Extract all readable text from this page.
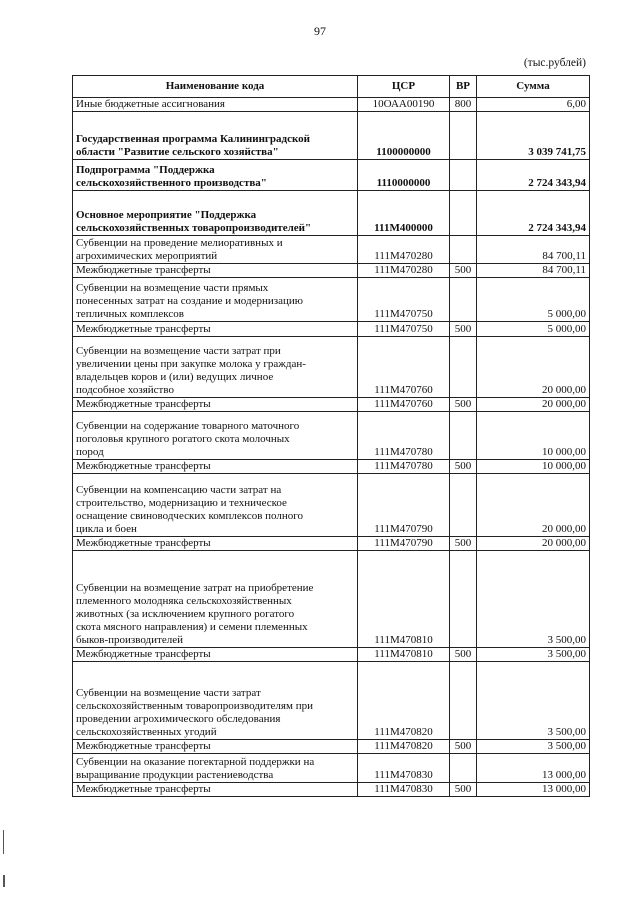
97
(тыс.рублей)
Наименование кода	ЦСР	ВР	Сумма
Иные бюджетные ассигнования	10ОАА00190	800	6,00
Государственная программа Калининградской
области "Развитие сельского хозяйства"	1100000000		3 039 741,75
Подпрограмма "Поддержка
сельскохозяйственного производства"	1110000000		2 724 343,94
Основное мероприятие "Поддержка
сельскохозяйственных товаропроизводителей"	111М400000		2 724 343,94
Субвенции на проведение мелиоративных и
агрохимических мероприятий	111М470280		84 700,11
Межбюджетные трансферты	111М470280	500	84 700,11
Субвенции на возмещение части прямых
понесенных затрат на создание и модернизацию
тепличных комплексов	111М470750		5 000,00
Межбюджетные трансферты	111М470750	500	5 000,00
Субвенции на возмещение части затрат при
увеличении цены при закупке молока у граждан-
владельцев коров и (или) ведущих личное
подсобное хозяйство	111М470760		20 000,00
Межбюджетные трансферты	111М470760	500	20 000,00
Субвенции на содержание товарного маточного
поголовья крупного рогатого скота молочных
пород	111М470780		10 000,00
Межбюджетные трансферты	111М470780	500	10 000,00
Субвенции на компенсацию части затрат на
строительство, модернизацию и техническое
оснащение свиноводческих комплексов полного
цикла и боен	111М470790		20 000,00
Межбюджетные трансферты	111М470790	500	20 000,00
Субвенции на возмещение затрат на приобретение
племенного молодняка сельскохозяйственных
животных (за исключением крупного рогатого
скота мясного направления) и семени племенных
быков-производителей	111М470810		3 500,00
Межбюджетные трансферты	111М470810	500	3 500,00
Субвенции на возмещение части затрат
сельскохозяйственным товаропроизводителям при
проведении агрохимического обследования
сельскохозяйственных угодий	111М470820		3 500,00
Межбюджетные трансферты	111М470820	500	3 500,00
Субвенции на оказание погектарной поддержки на
выращивание продукции растениеводства	111М470830		13 000,00
Межбюджетные трансферты	111М470830	500	13 000,00
